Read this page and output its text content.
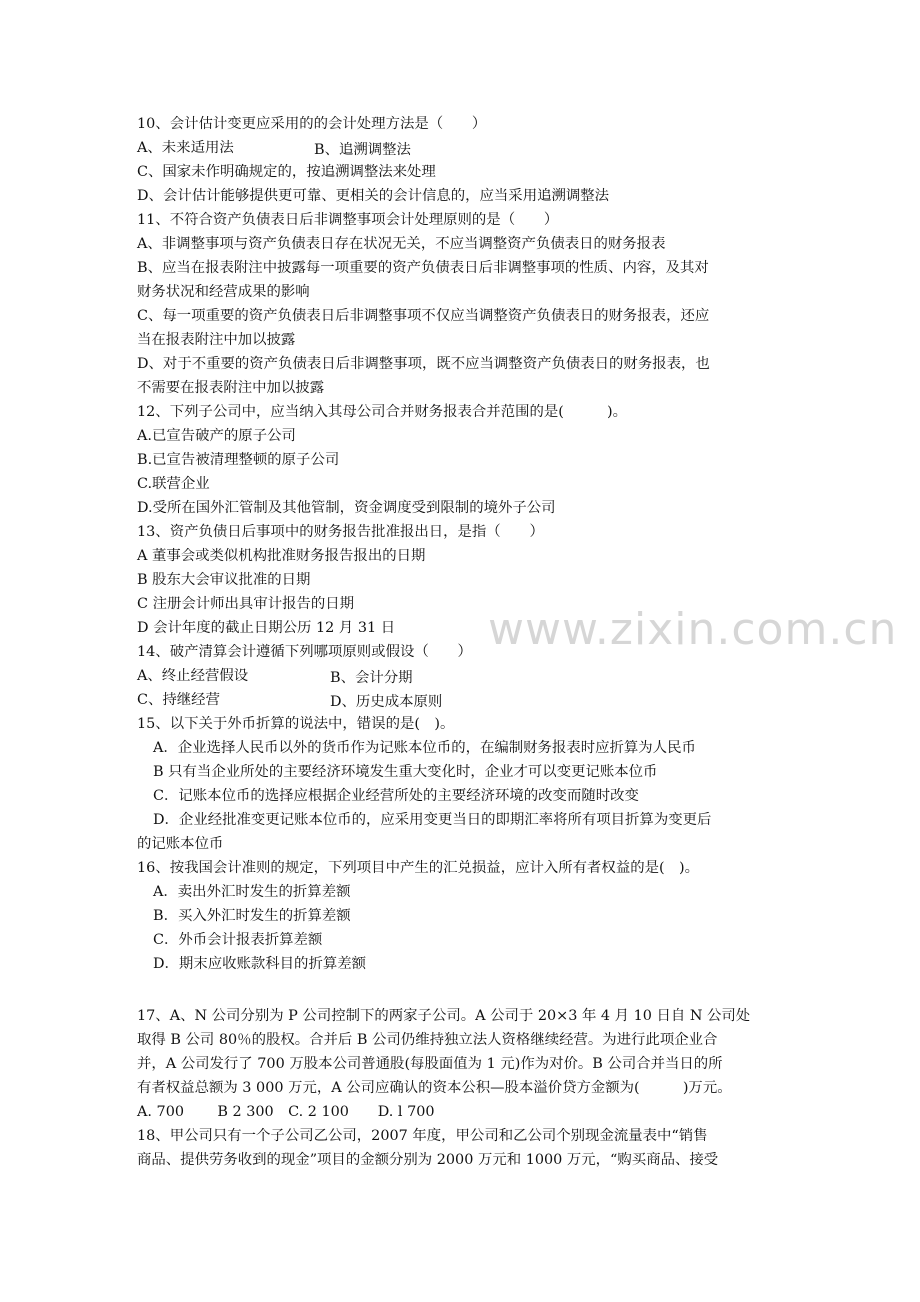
www.zixin.com.cn
10、会计估计变更应采用的的会计处理方法是（　　）
A、未来适用法	B、追溯调整法
C、国家未作明确规定的，按追溯调整法来处理
D、会计估计能够提供更可靠、更相关的会计信息的，应当采用追溯调整法
11、不符合资产负债表日后非调整事项会计处理原则的是（　　）
A、非调整事项与资产负债表日存在状况无关，不应当调整资产负债表日的财务报表
B、应当在报表附注中披露每一项重要的资产负债表日后非调整事项的性质、内容，及其对
财务状况和经营成果的影响
C、每一项重要的资产负债表日后非调整事项不仅应当调整资产负债表日的财务报表，还应
当在报表附注中加以披露
D、对于不重要的资产负债表日后非调整事项，既不应当调整资产负债表日的财务报表，也
不需要在报表附注中加以披露
12、下列子公司中，应当纳入其母公司合并财务报表合并范围的是(　　　)。
A.已宣告破产的原子公司
B.已宣告被清理整顿的原子公司
C.联营企业
D.受所在国外汇管制及其他管制，资金调度受到限制的境外子公司
13、资产负债日后事项中的财务报告批准报出日，是指（　　）
A 董事会或类似机构批准财务报告报出的日期
B 股东大会审议批准的日期
C 注册会计师出具审计报告的日期
D 会计年度的截止日期公历 12 月 31 日
14、破产清算会计遵循下列哪项原则或假设（　　）
A、终止经营假设	B、会计分期
C、持继经营	D、历史成本原则
15、以下关于外币折算的说法中，错误的是(　)。
A．企业选择人民币以外的货币作为记账本位币的，在编制财务报表时应折算为人民币
B 只有当企业所处的主要经济环境发生重大变化时，企业才可以变更记账本位币
C．记账本位币的选择应根据企业经营所处的主要经济环境的改变而随时改变
D．企业经批准变更记账本位币的，应采用变更当日的即期汇率将所有项目折算为变更后
的记账本位币
16、按我国会计准则的规定，下列项目中产生的汇兑损益，应计入所有者权益的是(　)。
A．卖出外汇时发生的折算差额
B．买入外汇时发生的折算差额
C．外币会计报表折算差额
D．期末应收账款科目的折算差额
17、A、N 公司分别为 P 公司控制下的两家子公司。A 公司于 20×3 年 4 月 10 日自 N 公司处
取得 B 公司 80％的股权。合并后 B 公司仍维持独立法人资格继续经营。为进行此项企业合
并，A 公司发行了 700 万股本公司普通股(每股面值为 1 元)作为对价。B 公司合并当日的所
有者权益总额为 3 000 万元，A 公司应确认的资本公积—股本溢价贷方金额为(　　　)万元。
A. 700　　 B 2 300　C. 2 100　　D. l 700
18、甲公司只有一个子公司乙公司，2007 年度，甲公司和乙公司个别现金流量表中“销售
商品、提供劳务收到的现金”项目的金额分别为 2000 万元和 1000 万元，“购买商品、接受
